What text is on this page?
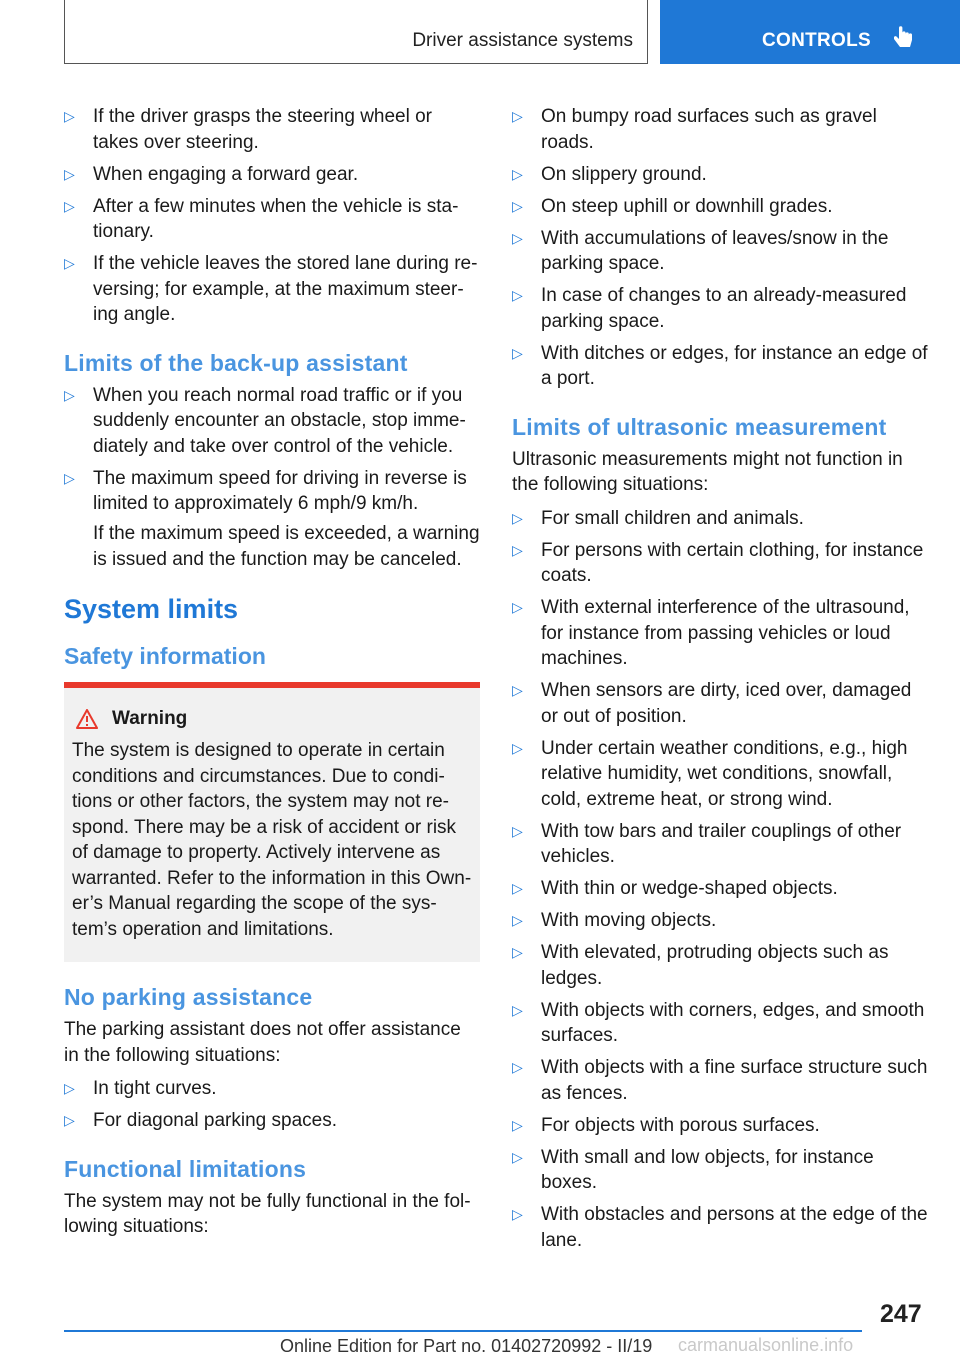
Driver assistance systems	CONTROLS
▷ If the driver grasps the steering wheel or takes over steering.
▷ When engaging a forward gear.
▷ After a few minutes when the vehicle is stationary.
▷ If the vehicle leaves the stored lane during reversing; for example, at the maximum steering angle.
Limits of the back-up assistant
▷ When you reach normal road traffic or if you suddenly encounter an obstacle, stop immediately and take over control of the vehicle.
▷ The maximum speed for driving in reverse is limited to approximately 6 mph/9 km/h.
If the maximum speed is exceeded, a warning is issued and the function may be canceled.
System limits
Safety information
Warning
The system is designed to operate in certain conditions and circumstances. Due to conditions or other factors, the system may not respond. There may be a risk of accident or risk of damage to property. Actively intervene as warranted. Refer to the information in this Owner’s Manual regarding the scope of the system’s operation and limitations.
No parking assistance
The parking assistant does not offer assistance in the following situations:
▷ In tight curves.
▷ For diagonal parking spaces.
Functional limitations
The system may not be fully functional in the following situations:
▷ On bumpy road surfaces such as gravel roads.
▷ On slippery ground.
▷ On steep uphill or downhill grades.
▷ With accumulations of leaves/snow in the parking space.
▷ In case of changes to an already-measured parking space.
▷ With ditches or edges, for instance an edge of a port.
Limits of ultrasonic measurement
Ultrasonic measurements might not function in the following situations:
▷ For small children and animals.
▷ For persons with certain clothing, for instance coats.
▷ With external interference of the ultrasound, for instance from passing vehicles or loud machines.
▷ When sensors are dirty, iced over, damaged or out of position.
▷ Under certain weather conditions, e.g., high relative humidity, wet conditions, snowfall, cold, extreme heat, or strong wind.
▷ With tow bars and trailer couplings of other vehicles.
▷ With thin or wedge-shaped objects.
▷ With moving objects.
▷ With elevated, protruding objects such as ledges.
▷ With objects with corners, edges, and smooth surfaces.
▷ With objects with a fine surface structure such as fences.
▷ For objects with porous surfaces.
▷ With small and low objects, for instance boxes.
▷ With obstacles and persons at the edge of the lane.
247
Online Edition for Part no. 01402720992 - II/19 carmanualsonline.info
